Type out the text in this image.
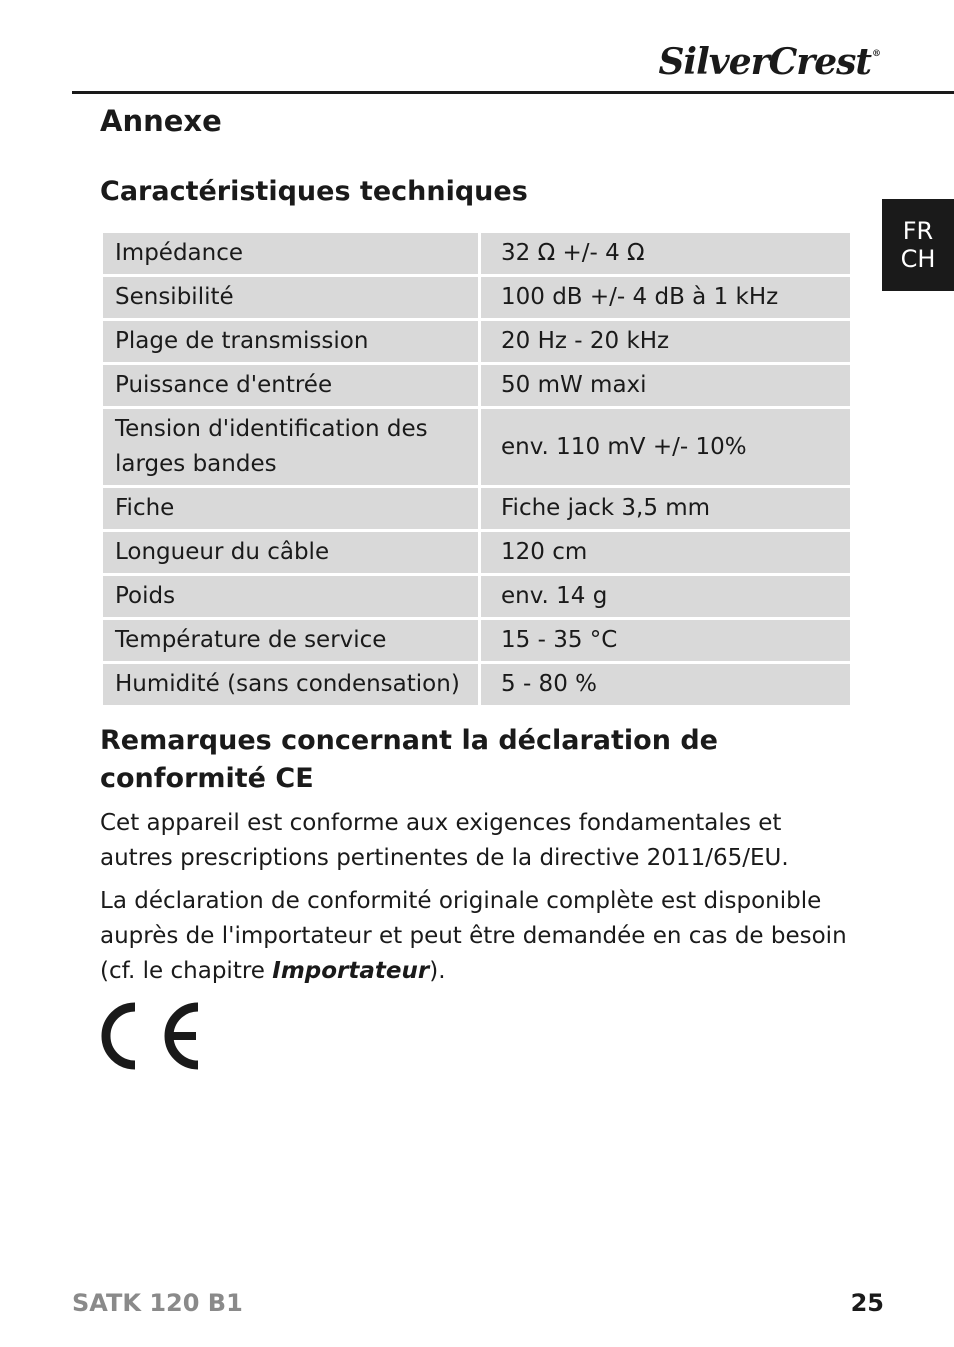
SilverCrest®
FR
CH
Annexe
Caractéristiques techniques
Impédance	32 Ω +/- 4 Ω
Sensibilité	100 dB +/- 4 dB à 1 kHz
Plage de transmission	20 Hz - 20 kHz
Puissance d'entrée	50 mW maxi
Tension d'identification des larges bandes	env. 110 mV +/- 10%
Fiche	Fiche jack 3,5 mm
Longueur du câble	120 cm
Poids	env. 14 g
Température de service	15 - 35 °C
Humidité (sans condensation)	5 - 80 %
Remarques concernant la déclaration de conformité CE

Cet appareil est conforme aux exigences fondamentales et autres prescriptions pertinentes de la directive 2011/65/EU.

La déclaration de conformité originale complète est disponible auprès de l'importateur et peut être demandée en cas de besoin (cf. le chapitre Importateur).

SATK 120 B1	25
